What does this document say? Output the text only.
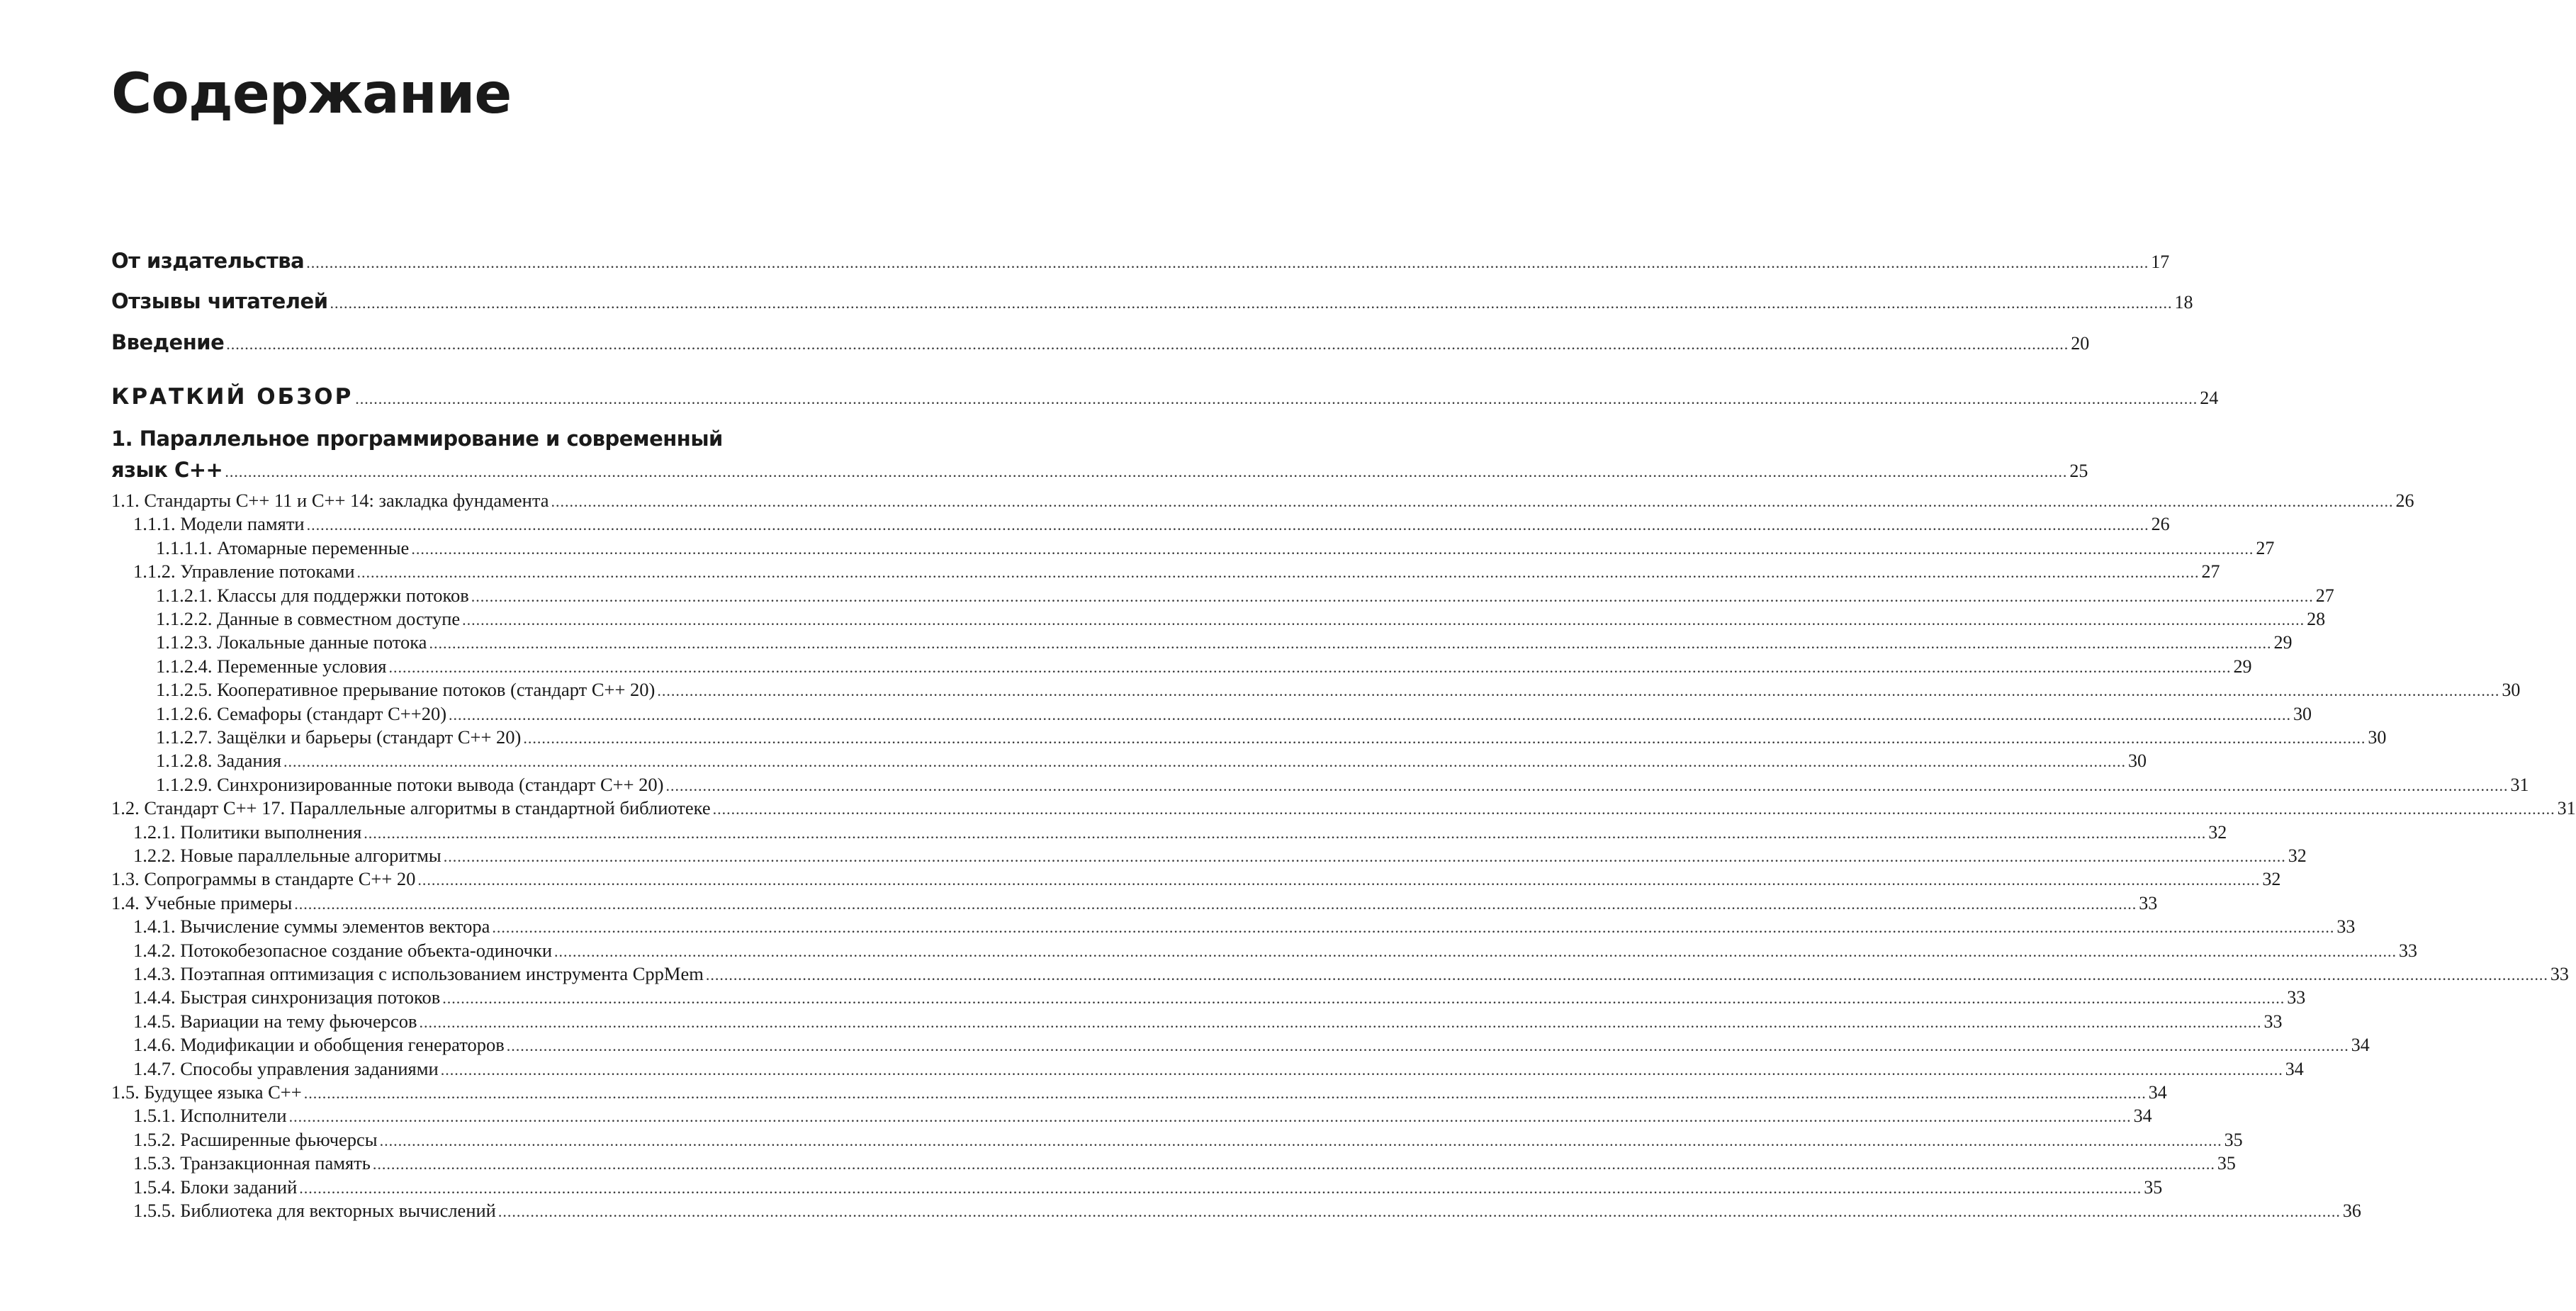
Содержание
От издательства ................................................................................................................................................................................................................................................................................................................................................................................................................ 17
Отзывы читателей ................................................................................................................................................................................................................................................................................................................................................................................................................ 18
Введение ................................................................................................................................................................................................................................................................................................................................................................................................................ 20
КРАТКИЙ ОБЗОР ................................................................................................................................................................................................................................................................................................................................................................................................................ 24
1. Параллельное программирование и современный
язык С++ ................................................................................................................................................................................................................................................................................................................................................................................................................ 25
1.1. Стандарты С++ 11 и С++ 14: закладка фундамента ................................................................................................................................................................................................................................................................................................................................................................................................................ 26
1.1.1. Модели памяти ................................................................................................................................................................................................................................................................................................................................................................................................................ 26
1.1.1.1. Атомарные переменные ................................................................................................................................................................................................................................................................................................................................................................................................................ 27
1.1.2. Управление потоками ................................................................................................................................................................................................................................................................................................................................................................................................................ 27
1.1.2.1. Классы для поддержки потоков ................................................................................................................................................................................................................................................................................................................................................................................................................ 27
1.1.2.2. Данные в совместном доступе ................................................................................................................................................................................................................................................................................................................................................................................................................ 28
1.1.2.3. Локальные данные потока ................................................................................................................................................................................................................................................................................................................................................................................................................ 29
1.1.2.4. Переменные условия ................................................................................................................................................................................................................................................................................................................................................................................................................ 29
1.1.2.5. Кооперативное прерывание потоков (стандарт С++ 20) ................................................................................................................................................................................................................................................................................................................................................................................................................ 30
1.1.2.6. Семафоры (стандарт С++20) ................................................................................................................................................................................................................................................................................................................................................................................................................ 30
1.1.2.7. Защёлки и барьеры (стандарт С++ 20) ................................................................................................................................................................................................................................................................................................................................................................................................................ 30
1.1.2.8. Задания ................................................................................................................................................................................................................................................................................................................................................................................................................ 30
1.1.2.9. Синхронизированные потоки вывода (стандарт С++ 20) ................................................................................................................................................................................................................................................................................................................................................................................................................ 31
1.2. Стандарт С++ 17. Параллельные алгоритмы в стандартной библиотеке ................................................................................................................................................................................................................................................................................................................................................................................................................ 31
1.2.1. Политики выполнения ................................................................................................................................................................................................................................................................................................................................................................................................................ 32
1.2.2. Новые параллельные алгоритмы ................................................................................................................................................................................................................................................................................................................................................................................................................ 32
1.3. Сопрограммы в стандарте С++ 20 ................................................................................................................................................................................................................................................................................................................................................................................................................ 32
1.4. Учебные примеры ................................................................................................................................................................................................................................................................................................................................................................................................................ 33
1.4.1. Вычисление суммы элементов вектора ................................................................................................................................................................................................................................................................................................................................................................................................................ 33
1.4.2. Потокобезопасное создание объекта-одиночки ................................................................................................................................................................................................................................................................................................................................................................................................................ 33
1.4.3. Поэтапная оптимизация с использованием инструмента CppMem ................................................................................................................................................................................................................................................................................................................................................................................................................ 33
1.4.4. Быстрая синхронизация потоков ................................................................................................................................................................................................................................................................................................................................................................................................................ 33
1.4.5. Вариации на тему фьючерсов ................................................................................................................................................................................................................................................................................................................................................................................................................ 33
1.4.6. Модификации и обобщения генераторов ................................................................................................................................................................................................................................................................................................................................................................................................................ 34
1.4.7. Способы управления заданиями ................................................................................................................................................................................................................................................................................................................................................................................................................ 34
1.5. Будущее языка С++ ................................................................................................................................................................................................................................................................................................................................................................................................................ 34
1.5.1. Исполнители ................................................................................................................................................................................................................................................................................................................................................................................................................ 34
1.5.2. Расширенные фьючерсы ................................................................................................................................................................................................................................................................................................................................................................................................................ 35
1.5.3. Транзакционная память ................................................................................................................................................................................................................................................................................................................................................................................................................ 35
1.5.4. Блоки заданий ................................................................................................................................................................................................................................................................................................................................................................................................................ 35
1.5.5. Библиотека для векторных вычислений ................................................................................................................................................................................................................................................................................................................................................................................................................ 36
